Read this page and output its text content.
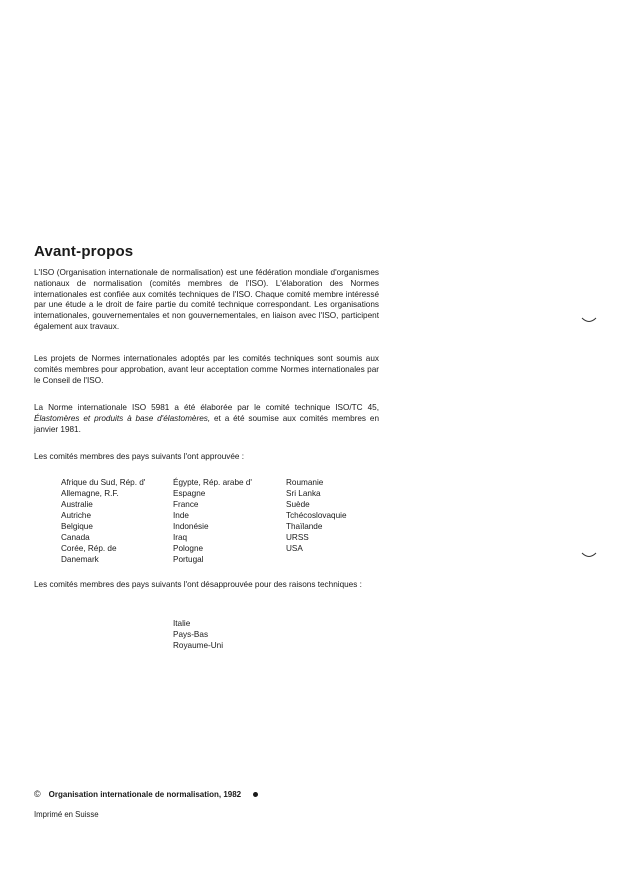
Avant-propos

L'ISO (Organisation internationale de normalisation) est une fédération mondiale d'organismes nationaux de normalisation (comités membres de l'ISO). L'élaboration des Normes internationales est confiée aux comités techniques de l'ISO. Chaque comité membre intéressé par une étude a le droit de faire partie du comité technique correspondant. Les organisations internationales, gouvernementales et non gouvernementales, en liaison avec l'ISO, participent également aux travaux.

Les projets de Normes internationales adoptés par les comités techniques sont soumis aux comités membres pour approbation, avant leur acceptation comme Normes internationales par le Conseil de l'ISO.

La Norme internationale ISO 5981 a été élaborée par le comité technique ISO/TC 45, Élastomères et produits à base d'élastomères, et a été soumise aux comités membres en janvier 1981.

Les comités membres des pays suivants l'ont approuvée :

Afrique du Sud, Rép. d'
Allemagne, R.F.
Australie
Autriche
Belgique
Canada
Corée, Rép. de
Danemark
Égypte, Rép. arabe d'
Espagne
France
Inde
Indonésie
Iraq
Pologne
Portugal
Roumanie
Sri Lanka
Suède
Tchécoslovaquie
Thaïlande
URSS
USA

Les comités membres des pays suivants l'ont désapprouvée pour des raisons techniques :

Italie
Pays-Bas
Royaume-Uni
© Organisation internationale de normalisation, 1982
Imprimé en Suisse
